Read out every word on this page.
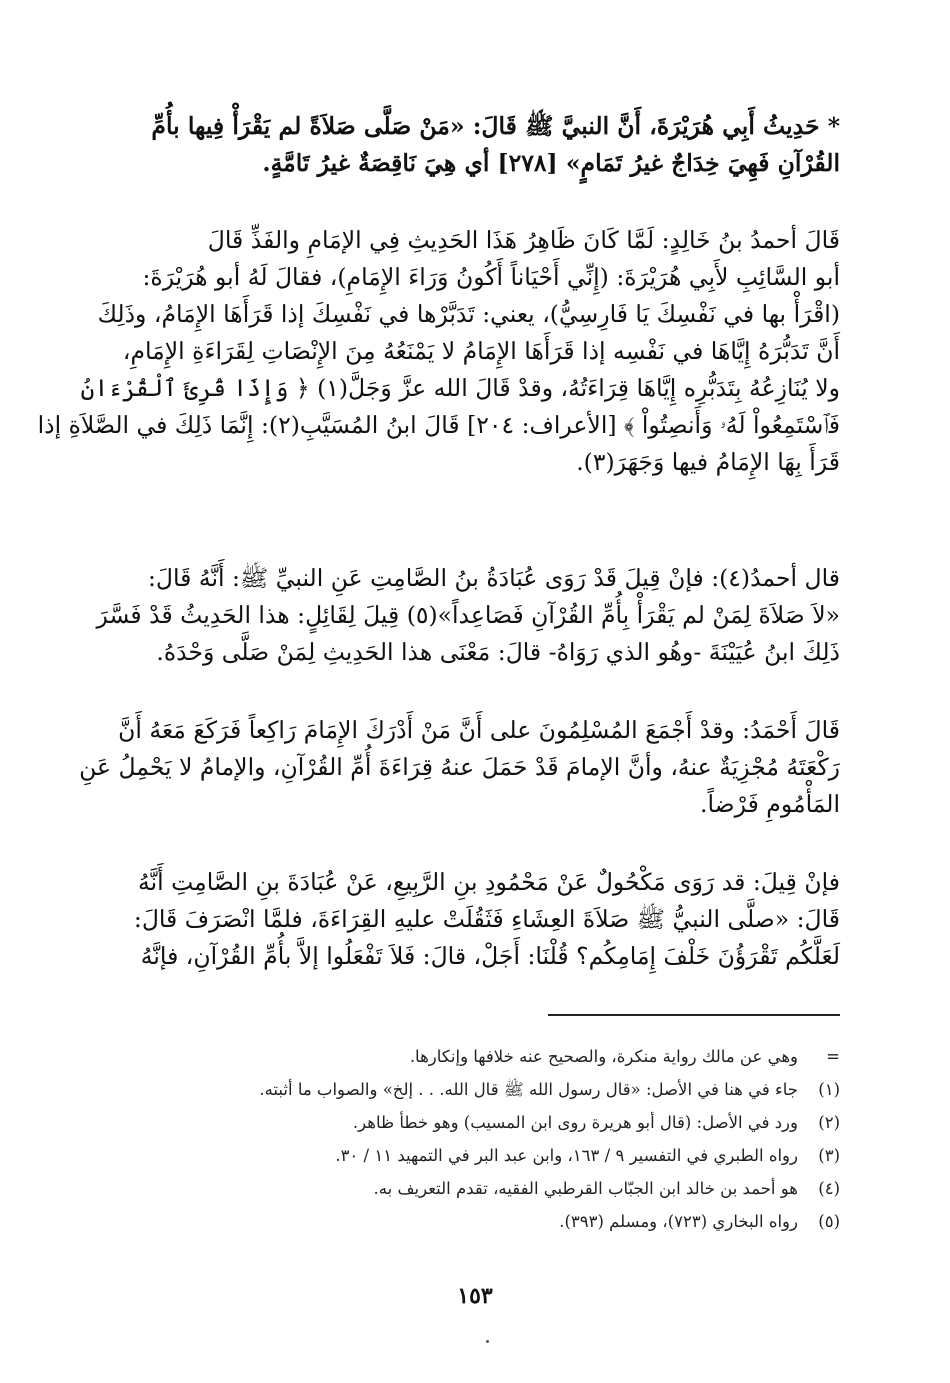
* حَدِيثُ أَبِي هُرَيْرَةَ، أَنَّ النبيَّ ﷺ قَالَ: «مَنْ صَلَّى صَلاَةً لم يَقْرَأْ فِيها بأُمِّ
القُرْآنِ فَهِيَ خِدَاجٌ غيرُ تَمَامٍ» [٢٧٨] أي هِيَ نَاقِصَةٌ غيرُ تَامَّةٍ.
قَالَ أحمدُ بنُ خَالِدٍ: لَمَّا كَانَ ظَاهِرُ هَذَا الحَدِيثِ فِي الإمَامِ والفَذِّ قَالَ
أبو السَّائِبِ لأَبِي هُرَيْرَةَ: (إِنِّي أَحْيَاناً أَكُونُ وَرَاءَ الإِمَامِ)، فقالَ لَهُ أبو هُرَيْرَةَ:
(اقْرَأْ بها في نَفْسِكَ يَا فَارِسِيُّ)، يعني: تَدَبَّرْها في نَفْسِكَ إذا قَرَأَهَا الإِمَامُ، وذَلِكَ
أَنَّ تَدَبُّرَهُ إِيَّاهَا في نَفْسِه إذا قَرَأَهَا الإِمَامُ لا يَمْنَعُهُ مِنَ الإِنْصَاتِ لِقَرَاءَةِ الإِمَامِ،
ولا يُنَازِعُهُ بِتَدَبُّرِه إِيَّاهَا قِرَاءَتُهُ، وقدْ قَالَ الله عزَّ وَجَلَّ(١) ﴿ وَإِذَا قُرِئَ ٱلْقُرْءَانُ
فَٱسْتَمِعُواْ لَهُۥ وَأَنصِتُواْ ﴾ [الأعراف: ٢٠٤] قَالَ ابنُ المُسَيَّبِ(٢): إِنَّمَا ذَلِكَ في الصَّلاَةِ إذا
قَرَأَ بِهَا الإِمَامُ فيها وَجَهَرَ(٣).
قال أحمدُ(٤): فإنْ قِيلَ قَدْ رَوَى عُبَادَةُ بنُ الصَّامِتِ عَنِ النبيِّ ﷺ: أَنَّهُ قَالَ:
«لاَ صَلاَةَ لِمَنْ لم يَقْرَأْ بِأُمِّ القُرْآنِ فَصَاعِداً»(٥) قِيلَ لِقَائِلٍ: هذا الحَدِيثُ قَدْ فَسَّرَ
ذَلِكَ ابنُ عُيَيْنَةَ -وهُو الذي رَوَاهُ- قالَ: مَعْنَى هذا الحَدِيثِ لِمَنْ صَلَّى وَحْدَهُ.
قَالَ أَحْمَدُ: وقدْ أَجْمَعَ المُسْلِمُونَ على أَنَّ مَنْ أَدْرَكَ الإِمَامَ رَاكِعاً فَرَكَعَ مَعَهُ أَنَّ
رَكْعَتَهُ مُجْزِيَةٌ عنهُ، وأنَّ الإمامَ قَدْ حَمَلَ عنهُ قِرَاءَةَ أُمِّ القُرْآنِ، والإمامُ لا يَحْمِلُ عَنِ
المَأْمُومِ فَرْضاً.
فإنْ قِيلَ: قد رَوَى مَكْحُولٌ عَنْ مَحْمُودِ بنِ الرَّبِيعِ، عَنْ عُبَادَةَ بنِ الصَّامِتِ أَنَّهُ
قَالَ: «صلَّى النبيُّ ﷺ صَلاَةَ العِشَاءِ فَثَقُلَتْ عليهِ القِرَاءَةَ، فلمَّا انْصَرَفَ قَالَ:
لَعَلَّكُم تَقْرَؤُنَ خَلْفَ إِمَامِكُم؟ قُلْنَا: أَجَلْ، قالَ: فَلاَ تَفْعَلُوا إلاَّ بأُمِّ القُرْآنِ، فإنَّهُ
=
وهي عن مالك رواية منكرة، والصحيح عنه خلافها وإنكارها.
(١)
جاء في هنا في الأصل: «قال رسول الله ﷺ قال الله. . . إلخ» والصواب ما أثبته.
(٢)
ورد في الأصل: (قال أبو هريرة روى ابن المسيب) وهو خطأ ظاهر.
(٣)
رواه الطبري في التفسير ٩ / ١٦٣، وابن عبد البر في التمهيد ١١ / ٣٠.
(٤)
هو أحمد بن خالد ابن الجبّاب القرطبي الفقيه، تقدم التعريف به.
(٥)
رواه البخاري (٧٢٣)، ومسلم (٣٩٣).
١٥٣
